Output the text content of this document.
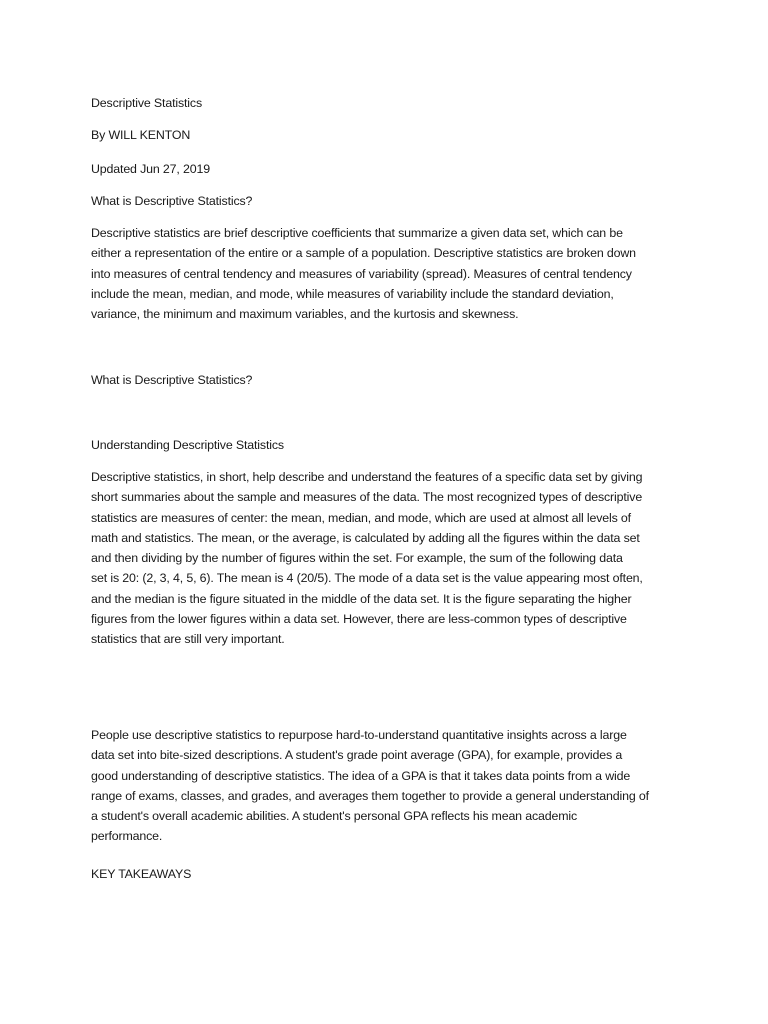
Descriptive Statistics
By WILL KENTON
Updated Jun 27, 2019
What is Descriptive Statistics?
Descriptive statistics are brief descriptive coefficients that summarize a given data set, which can be
either a representation of the entire or a sample of a population. Descriptive statistics are broken down
into measures of central tendency and measures of variability (spread). Measures of central tendency
include the mean, median, and mode, while measures of variability include the standard deviation,
variance, the minimum and maximum variables, and the kurtosis and skewness.
What is Descriptive Statistics?
Understanding Descriptive Statistics
Descriptive statistics, in short, help describe and understand the features of a specific data set by giving
short summaries about the sample and measures of the data. The most recognized types of descriptive
statistics are measures of center: the mean, median, and mode, which are used at almost all levels of
math and statistics. The mean, or the average, is calculated by adding all the figures within the data set
and then dividing by the number of figures within the set. For example, the sum of the following data
set is 20: (2, 3, 4, 5, 6). The mean is 4 (20/5). The mode of a data set is the value appearing most often,
and the median is the figure situated in the middle of the data set. It is the figure separating the higher
figures from the lower figures within a data set. However, there are less-common types of descriptive
statistics that are still very important.
People use descriptive statistics to repurpose hard-to-understand quantitative insights across a large
data set into bite-sized descriptions. A student's grade point average (GPA), for example, provides a
good understanding of descriptive statistics. The idea of a GPA is that it takes data points from a wide
range of exams, classes, and grades, and averages them together to provide a general understanding of
a student's overall academic abilities. A student's personal GPA reflects his mean academic
performance.
KEY TAKEAWAYS
